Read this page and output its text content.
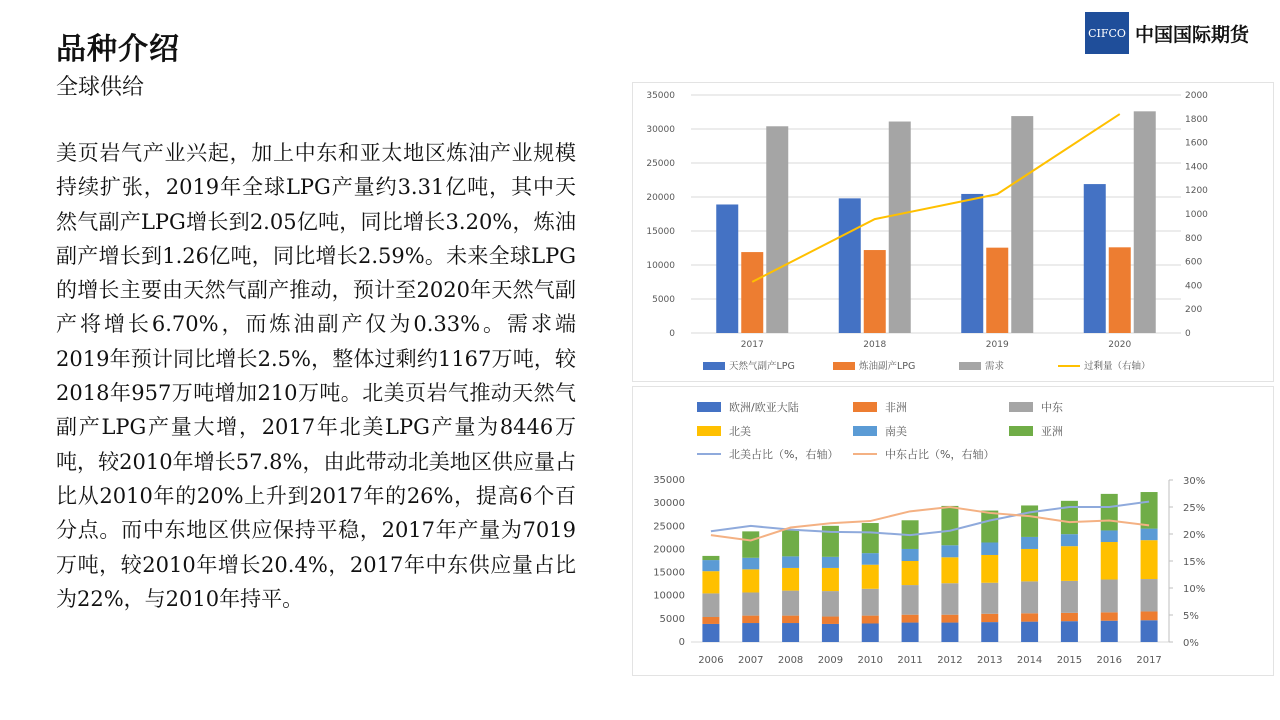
品种介绍
全球供给
CIFCO 中国国际期货
美页岩气产业兴起，加上中东和亚太地区炼油产业规模持续扩张，2019年全球LPG产量约3.31亿吨，其中天然气副产LPG增长到2.05亿吨，同比增长3.20%，炼油副产增长到1.26亿吨，同比增长2.59%。未来全球LPG的增长主要由天然气副产推动，预计至2020年天然气副产将增长6.70%，而炼油副产仅为0.33%。需求端2019年预计同比增长2.5%，整体过剩约1167万吨，较2018年957万吨增加210万吨。北美页岩气推动天然气副产LPG产量大增，2017年北美LPG产量为8446万吨，较2010年增长57.8%，由此带动北美地区供应量占比从2010年的20%上升到2017年的26%，提高6个百分点。而中东地区供应保持平稳，2017年产量为7019万吨，较2010年增长20.4%，2017年中东供应量占比为22%，与2010年持平。
35000
30000
25000
20000
15000
10000
5000
0
2000
1800
1600
1400
1200
1000
800
600
400
200
0
2017	2018	2019	2020
天然气副产LPG	炼油副产LPG	需求	过剩量（右轴）
35000
30000
25000
20000
15000
10000
5000
0
30%
25%
20%
15%
10%
5%
0%
2006 2007 2008 2009 2010 2011 2012 2013 2014 2015 2016 2017
欧洲/欧亚大陆	非洲	中东
北美	南美	亚洲
北美占比（%，右轴）	中东占比（%，右轴）
